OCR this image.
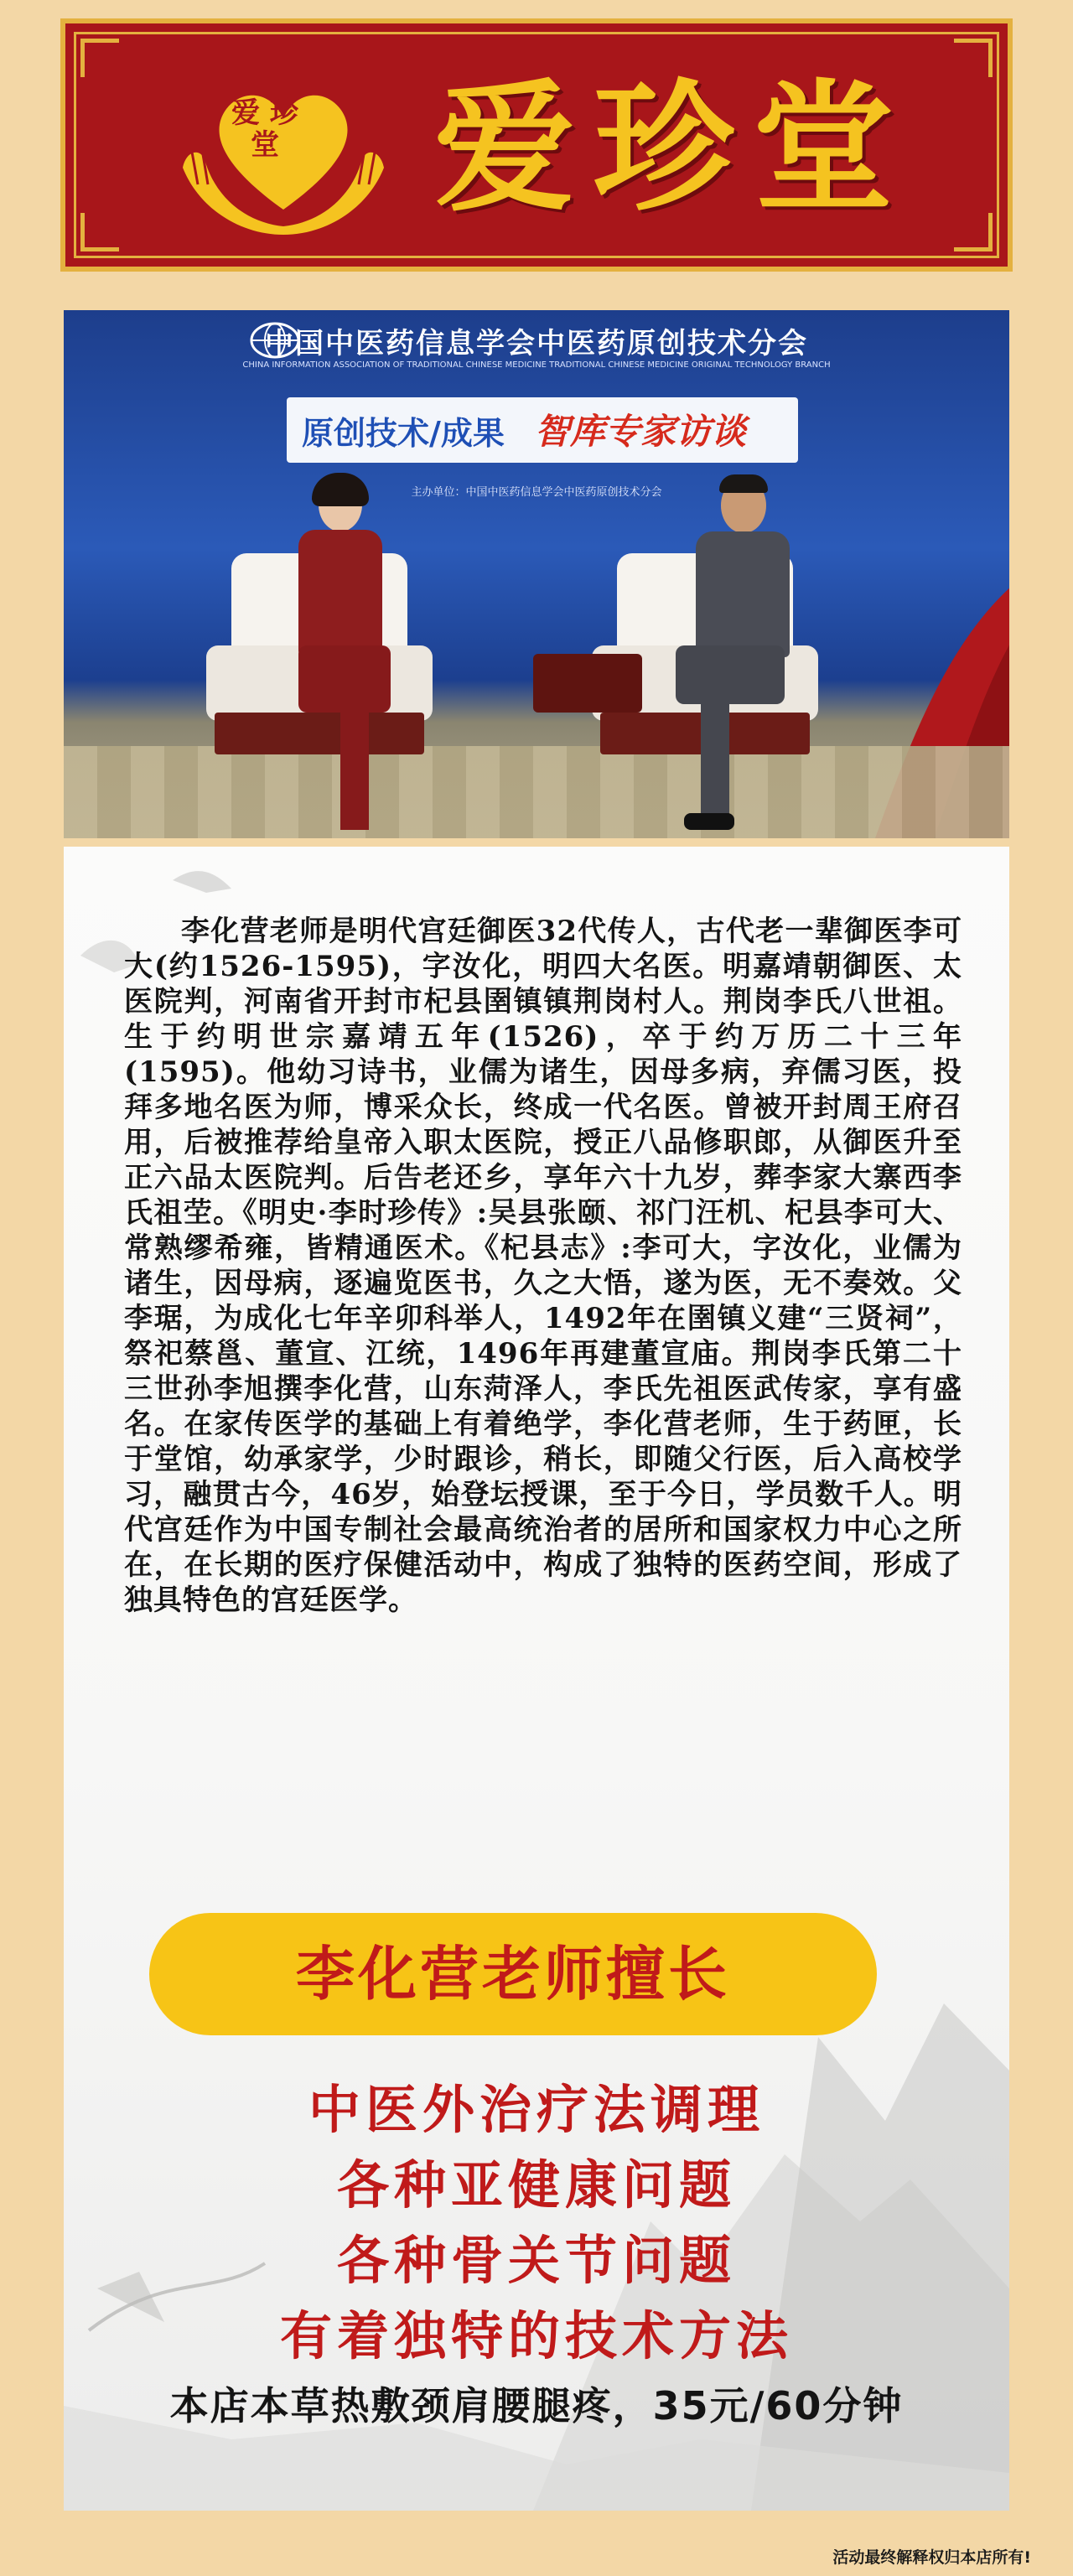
爱 珍
堂 爱珍堂
中国中医药信息学会中医药原创技术分会
CHINA INFORMATION ASSOCIATION OF TRADITIONAL CHINESE MEDICINE TRADITIONAL CHINESE MEDICINE ORIGINAL TECHNOLOGY BRANCH
原创技术/成果 智库专家访谈
主办单位：中国中医药信息学会中医药原创技术分会
李化营老师是明代宫廷御医32代传人，古代老一辈御医李可大(约1526-1595)，字汝化，明四大名医。明嘉靖朝御医、太医院判，河南省开封市杞县圉镇镇荆岗村人。荆岗李氏八世祖。生于约明世宗嘉靖五年(1526)，卒于约万历二十三年(1595)。他幼习诗书，业儒为诸生，因母多病，弃儒习医，投拜多地名医为师，博采众长，终成一代名医。曾被开封周王府召用，后被推荐给皇帝入职太医院，授正八品修职郎，从御医升至正六品太医院判。后告老还乡，享年六十九岁，葬李家大寨西李氏祖茔。《明史·李时珍传》:吴县张颐、祁门汪机、杞县李可大、常熟缪希雍，皆精通医术。《杞县志》:李可大，字汝化，业儒为诸生，因母病，逐遍览医书，久之大悟，遂为医，无不奏效。父李琚，为成化七年辛卯科举人，1492年在圉镇义建“三贤祠”，祭祀蔡邕、董宣、江统，1496年再建董宣庙。荆岗李氏第二十三世孙李旭撰李化营，山东菏泽人，李氏先祖医武传家，享有盛名。在家传医学的基础上有着绝学，李化营老师，生于药匣，长于堂馆，幼承家学，少时跟诊，稍长，即随父行医，后入高校学习，融贯古今，46岁，始登坛授课，至于今日，学员数千人。明代宫廷作为中国专制社会最高统治者的居所和国家权力中心之所在，在长期的医疗保健活动中，构成了独特的医药空间，形成了独具特色的宫廷医学。
李化营老师擅长
中医外治疗法调理
各种亚健康问题
各种骨关节问题
有着独特的技术方法
本店本草热敷颈肩腰腿疼，35元/60分钟
活动最终解释权归本店所有!
